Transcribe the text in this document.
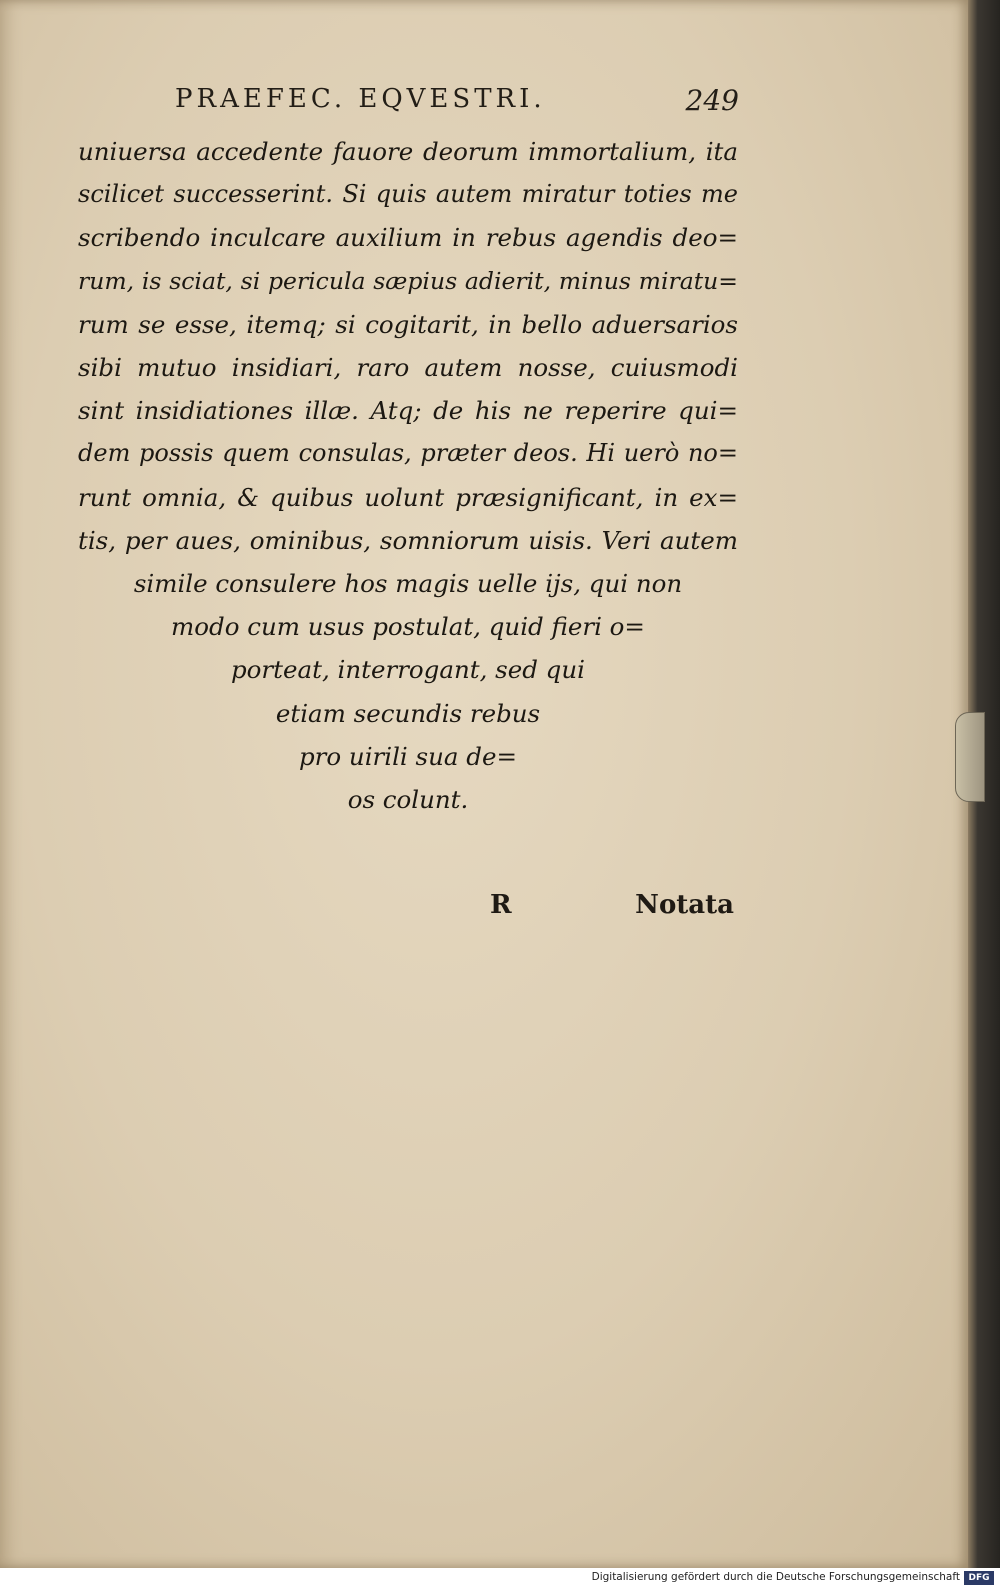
PRAEFEC. EQVESTRI.	249
uniuersa accedente fauore deorum immortalium, ita
scilicet successerint. Si quis autem miratur toties me
scribendo inculcare auxilium in rebus agendis deo=
rum, is sciat, si pericula sæpius adierit, minus miratu=
rum se esse, itemq; si cogitarit, in bello aduersarios
sibi mutuo insidiari, raro autem nosse, cuiusmodi
sint insidiationes illæ. Atq; de his ne reperire qui=
dem possis quem consulas, præter deos. Hi uerò no=
runt omnia, & quibus uolunt præsignificant, in ex=
tis, per aues, ominibus, somniorum uisis. Veri autem
simile consulere hos magis uelle ijs, qui non
modo cum usus postulat, quid fieri o=
porteat, interrogant, sed qui
etiam secundis rebus
pro uirili sua de=
os colunt.
R	Notata
Digitalisierung gefördert durch die Deutsche Forschungsgemeinschaft DFG
